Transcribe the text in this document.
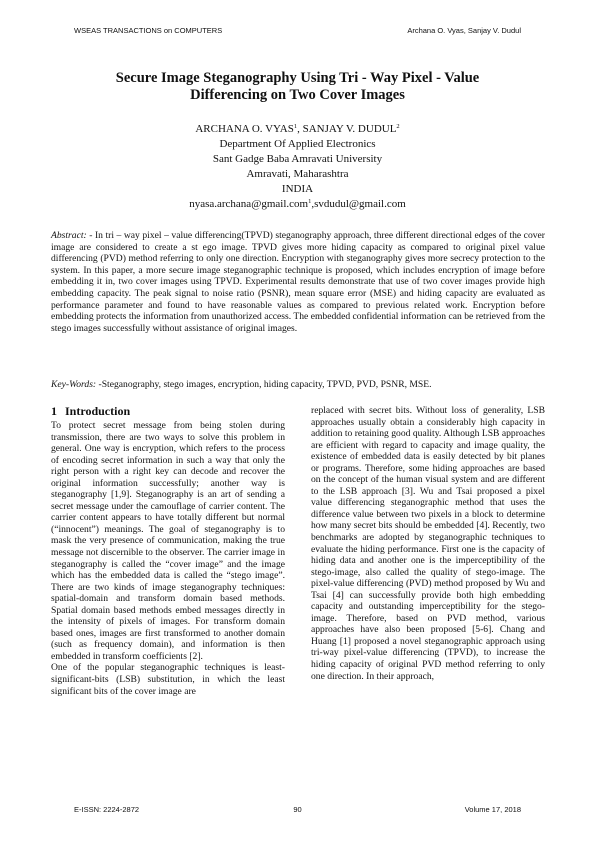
WSEAS TRANSACTIONS on COMPUTERS	Archana O. Vyas, Sanjay V. Dudul
Secure Image Steganography Using Tri - Way Pixel - Value
Differencing on Two Cover Images
ARCHANA O. VYAS$^1$, SANJAY V. DUDUL$^2$
Department Of Applied Electronics
Sant Gadge Baba Amravati University
Amravati, Maharashtra
INDIA
nyasa.archana@gmail.com$^1$,svdudul@gmail.com
Abstract: - In tri – way pixel – value differencing(TPVD) steganography approach, three different directional edges of the cover image are considered to create a st ego image. TPVD gives more hiding capacity as compared to original pixel value differencing (PVD) method referring to only one direction. Encryption with steganography gives more secrecy protection to the system. In this paper, a more secure image steganographic technique is proposed, which includes encryption of image before embedding it in, two cover images using TPVD. Experimental results demonstrate that use of two cover images provide high embedding capacity. The peak signal to noise ratio (PSNR), mean square error (MSE) and hiding capacity are evaluated as performance parameter and found to have reasonable values as compared to previous related work. Encryption before embedding protects the information from unauthorized access. The embedded confidential information can be retrieved from the stego images successfully without assistance of original images.
Key-Words: -Steganography, stego images, encryption, hiding capacity, TPVD, PVD, PSNR, MSE.
1 Introduction

To protect secret message from being stolen during transmission, there are two ways to solve this problem in general. One way is encryption, which refers to the process of encoding secret information in such a way that only the right person with a right key can decode and recover the original information successfully; another way is steganography [1,9]. Steganography is an art of sending a secret message under the camouflage of carrier content. The carrier content appears to have totally different but normal (“innocent”) meanings. The goal of steganography is to mask the very presence of communication, making the true message not discernible to the observer. The carrier image in steganography is called the “cover image” and the image which has the embedded data is called the “stego image”. There are two kinds of image steganography techniques: spatial-domain and transform domain based methods. Spatial domain based methods embed messages directly in the intensity of pixels of images. For transform domain based ones, images are first transformed to another domain (such as frequency domain), and information is then embedded in transform coefficients [2].

One of the popular steganographic techniques is least-significant-bits (LSB) substitution, in which the least significant bits of the cover image are

replaced with secret bits. Without loss of generality, LSB approaches usually obtain a considerably high capacity in addition to retaining good quality. Although LSB approaches are efficient with regard to capacity and image quality, the existence of embedded data is easily detected by bit planes or programs. Therefore, some hiding approaches are based on the concept of the human visual system and are different to the LSB approach [3]. Wu and Tsai proposed a pixel value differencing steganographic method that uses the difference value between two pixels in a block to determine how many secret bits should be embedded [4]. Recently, two benchmarks are adopted by steganographic techniques to evaluate the hiding performance. First one is the capacity of hiding data and another one is the imperceptibility of the stego-image, also called the quality of stego-image. The pixel-value differencing (PVD) method proposed by Wu and Tsai [4] can successfully provide both high embedding capacity and outstanding imperceptibility for the stego-image. Therefore, based on PVD method, various approaches have also been proposed [5-6]. Chang and Huang [1] proposed a novel steganographic approach using tri-way pixel-value differencing (TPVD), to increase the hiding capacity of original PVD method referring to only one direction. In their approach,

E-ISSN: 2224-2872	90	Volume 17, 2018
